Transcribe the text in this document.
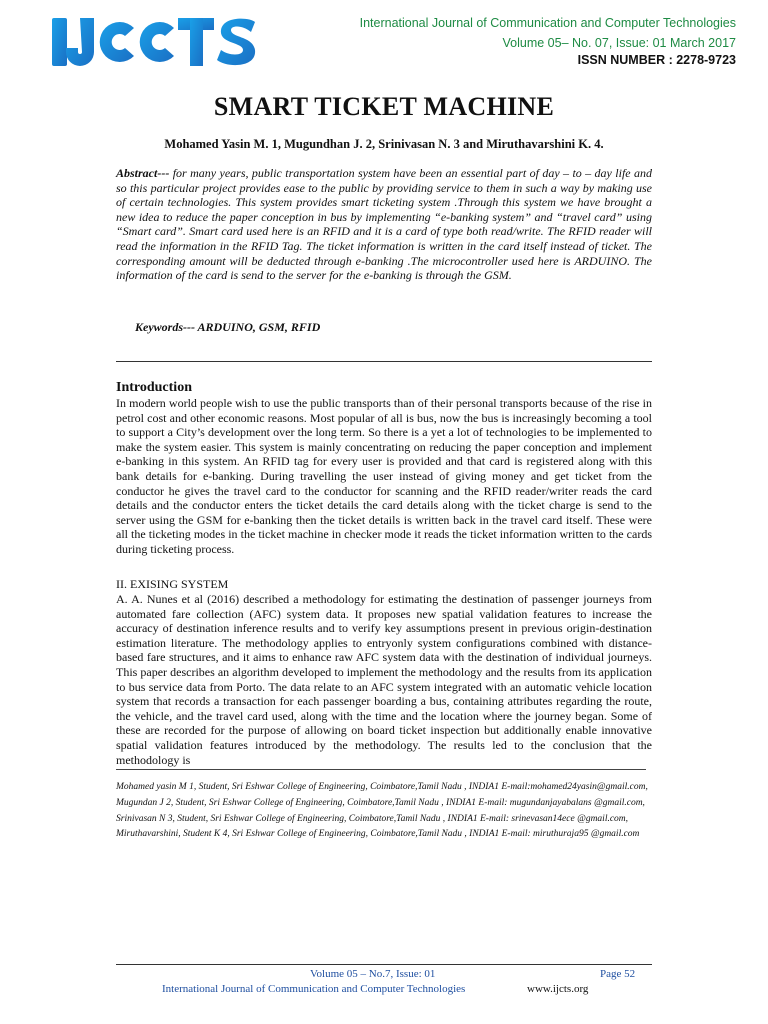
International Journal of Communication and Computer Technologies
Volume 05– No. 07, Issue: 01 March 2017
ISSN NUMBER : 2278-9723
SMART TICKET MACHINE
Mohamed Yasin M. 1, Mugundhan J. 2, Srinivasan N. 3 and Miruthavarshini K. 4.
Abstract--- for many years, public transportation system have been an essential part of day – to – day life and so this particular project provides ease to the public by providing service to them in such a way by making use of certain technologies. This system provides smart ticketing system .Through this system we have brought a new idea to reduce the paper conception in bus by implementing “e-banking system” and “travel card” using “Smart card”. Smart card used here is an RFID and it is a card of type both read/write. The RFID reader will read the information in the RFID Tag. The ticket information is written in the card itself instead of ticket. The corresponding amount will be deducted through e-banking .The microcontroller used here is ARDUINO. The information of the card is send to the server for the e-banking is through the GSM.
Keywords--- ARDUINO, GSM, RFID
Introduction
In modern world people wish to use the public transports than of their personal transports because of the rise in petrol cost and other economic reasons. Most popular of all is bus, now the bus is increasingly becoming a tool to support a City’s development over the long term. So there is a yet a lot of technologies to be implemented to make the system easier. This system is mainly concentrating on reducing the paper conception and implement e-banking in this system. An RFID tag for every user is provided and that card is registered along with this bank details for e-banking. During travelling the user instead of giving money and get ticket from the conductor he gives the travel card to the conductor for scanning and the RFID reader/writer reads the card details and the conductor enters the ticket details the card details along with the ticket charge is send to the server using the GSM for e-banking then the ticket details is written back in the travel card itself. These were all the ticketing modes in the ticket machine in checker mode it reads the ticket information written to the cards during ticketing process.
II. EXISING SYSTEM
A. A. Nunes et al (2016) described a methodology for estimating the destination of passenger journeys from automated fare collection (AFC) system data. It proposes new spatial validation features to increase the accuracy of destination inference results and to verify key assumptions present in previous origin-destination estimation literature. The methodology applies to entryonly system configurations combined with distance-based fare structures, and it aims to enhance raw AFC system data with the destination of individual journeys. This paper describes an algorithm developed to implement the methodology and the results from its application to bus service data from Porto. The data relate to an AFC system integrated with an automatic vehicle location system that records a transaction for each passenger boarding a bus, containing attributes regarding the route, the vehicle, and the travel card used, along with the time and the location where the journey began. Some of these are recorded for the purpose of allowing on board ticket inspection but additionally enable innovative spatial validation features introduced by the methodology. The results led to the conclusion that the methodology is
Mohamed yasin M 1, Student, Sri Eshwar College of Engineering, Coimbatore,Tamil Nadu , INDIA1 E-mail:mohamed24yasin@gmail.com,
Mugundan J 2, Student, Sri Eshwar College of Engineering, Coimbatore,Tamil Nadu , INDIA1 E-mail: mugundanjayabalans @gmail.com,
Srinivasan N 3, Student, Sri Eshwar College of Engineering, Coimbatore,Tamil Nadu , INDIA1 E-mail: srinevasan14ece @gmail.com,
Miruthavarshini, Student K 4, Sri Eshwar College of Engineering, Coimbatore,Tamil Nadu , INDIA1 E-mail: miruthuraja95 @gmail.com
Volume 05 – No.7, Issue: 01	Page 52
International Journal of Communication and Computer Technologies	www.ijcts.org
